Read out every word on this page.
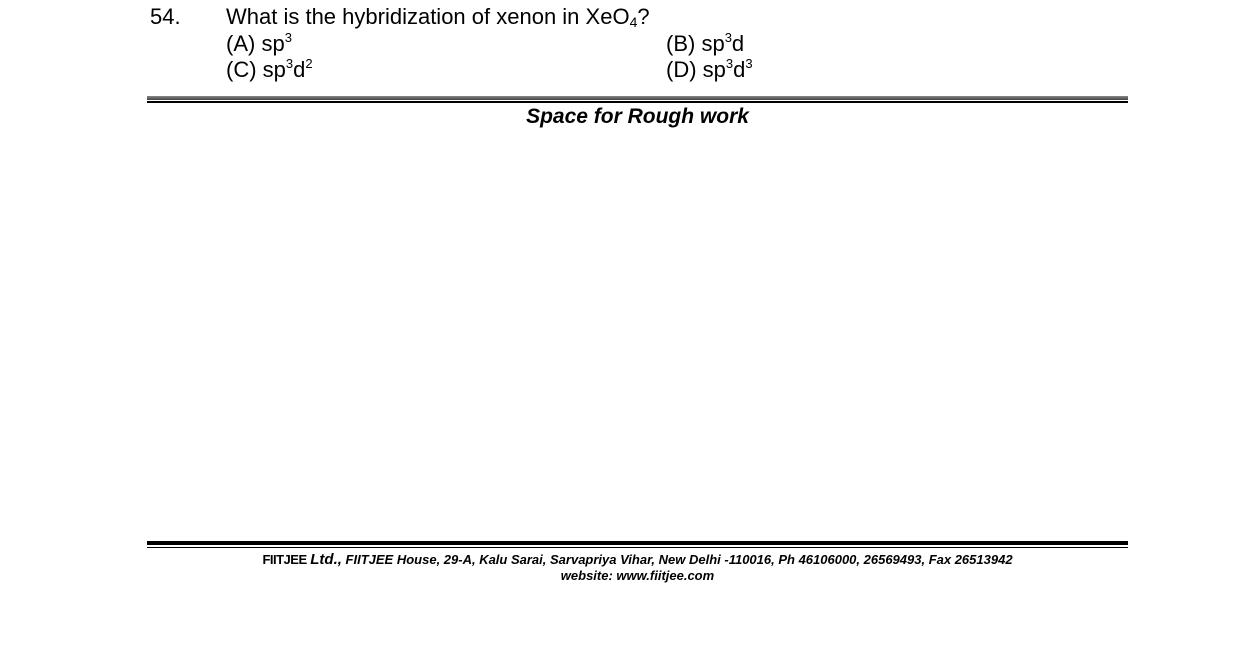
54. What is the hybridization of xenon in XeO$_4$?
(A) $sp^3$	(B) $sp^3d$
(C) $sp^3d^2$	(D) $sp^3d^3$
Space for Rough work
FIITJEE Ltd., FIITJEE House, 29-A, Kalu Sarai, Sarvapriya Vihar, New Delhi -110016, Ph 46106000, 26569493, Fax 26513942
website: www.fiitjee.com
